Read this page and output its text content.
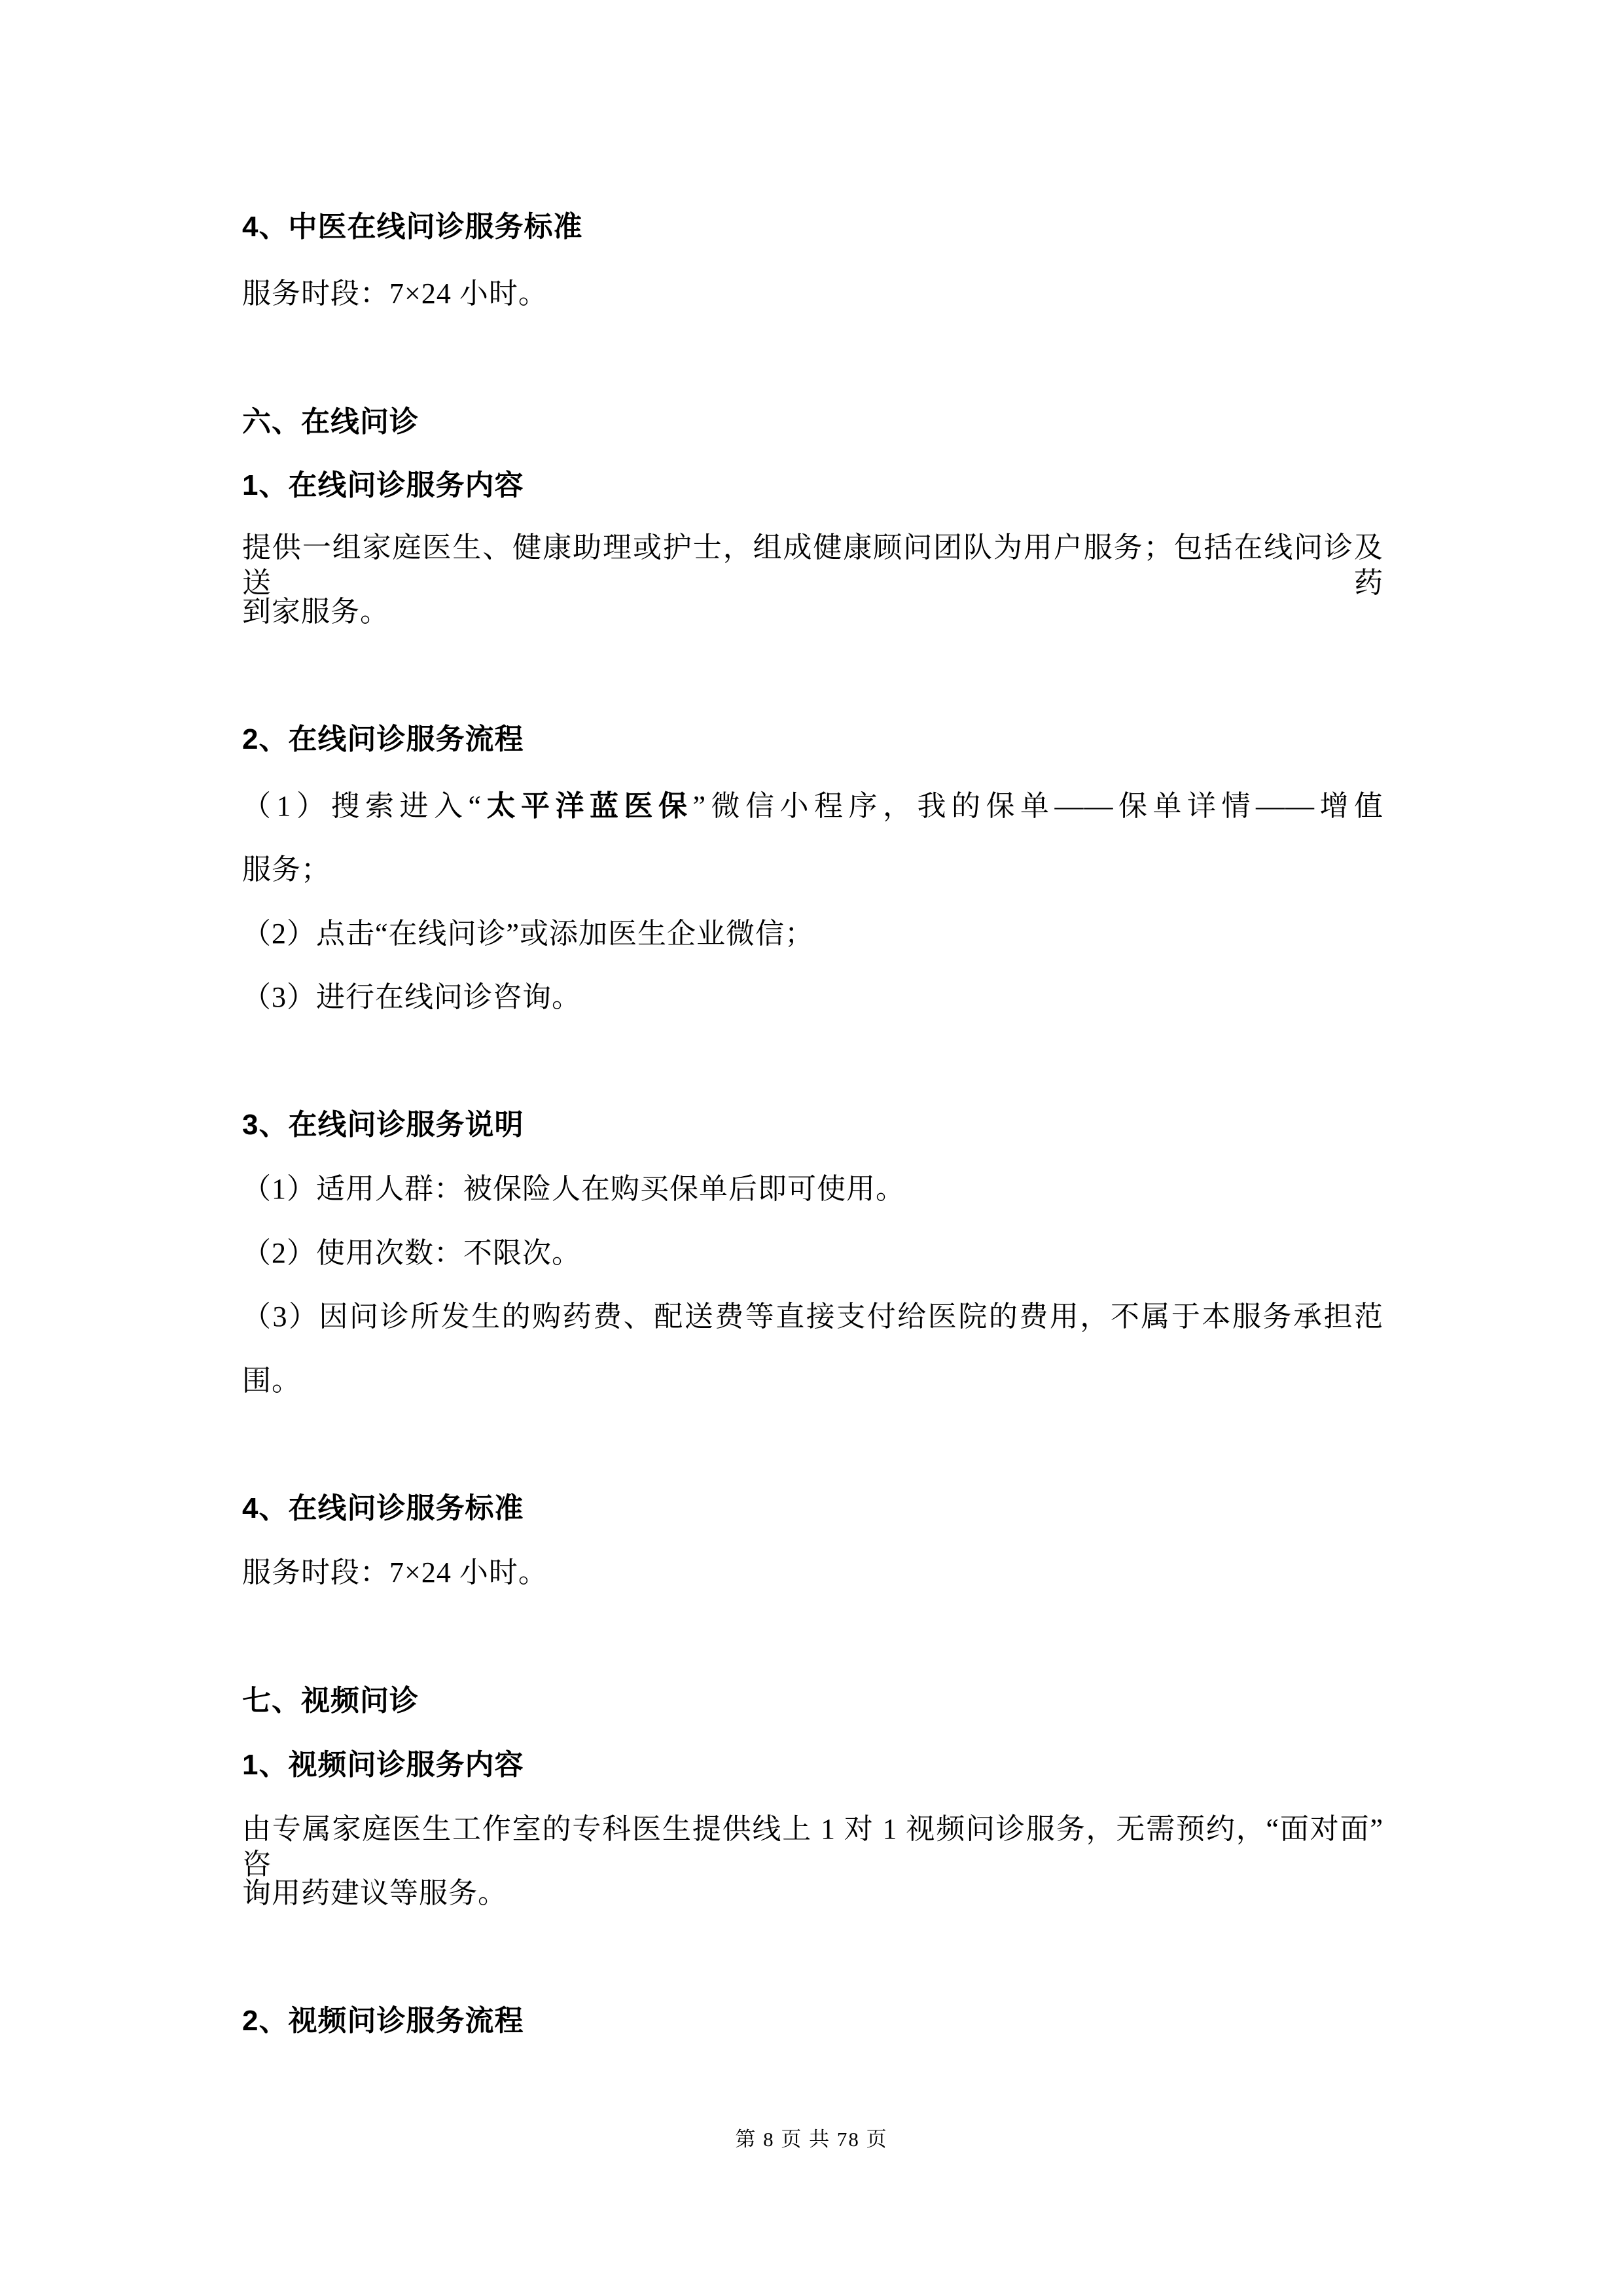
4、中医在线问诊服务标准
服务时段：7×24 小时。
六、在线问诊
1、在线问诊服务内容
提供一组家庭医生、健康助理或护士，组成健康顾问团队为用户服务；包括在线问诊及送药
到家服务。
2、在线问诊服务流程
（1）搜索进入“太平洋蓝医保”微信小程序，我的保单——保单详情——增值
服务；
（2）点击“在线问诊”或添加医生企业微信；
（3）进行在线问诊咨询。
3、在线问诊服务说明
（1）适用人群：被保险人在购买保单后即可使用。
（2）使用次数：不限次。
（3）因问诊所发生的购药费、配送费等直接支付给医院的费用，不属于本服务承担范
围。
4、在线问诊服务标准
服务时段：7×24 小时。
七、视频问诊
1、视频问诊服务内容
由专属家庭医生工作室的专科医生提供线上 1 对 1 视频问诊服务，无需预约，“面对面”咨
询用药建议等服务。
2、视频问诊服务流程
第 8 页 共 78 页
